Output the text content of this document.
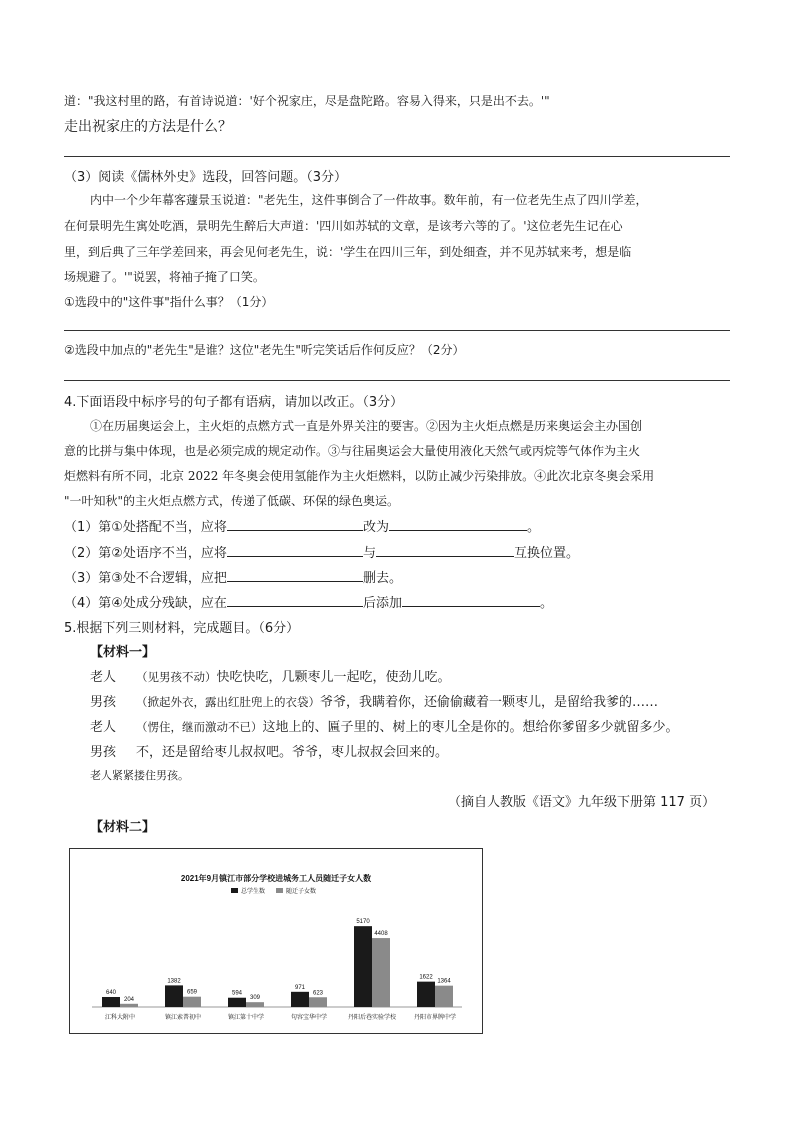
道："我这村里的路，有首诗说道：'好个祝家庄，尽是盘陀路。容易入得来，只是出不去。'"
走出祝家庄的方法是什么？
（3）阅读《儒林外史》选段，回答问题。（3分）
内中一个少年幕客蘧景玉说道："老先生，这件事倒合了一件故事。数年前，有一位老先生点了四川学差，
在何景明先生寓处吃酒，景明先生醉后大声道：'四川如苏轼的文章，是该考六等的了。'这位老先生记在心
里，到后典了三年学差回来，再会见何老先生，说：'学生在四川三年，到处细查，并不见苏轼来考，想是临
场规避了。'"说罢，将袖子掩了口笑。
①选段中的"这件事"指什么事？（1分）
②选段中加点的"老先生"是谁？这位"老先生"听完笑话后作何反应？（2分）
4.下面语段中标序号的句子都有语病，请加以改正。（3分）
①在历届奥运会上，主火炬的点燃方式一直是外界关注的要害。②因为主火炬点燃是历来奥运会主办国创
意的比拼与集中体现，也是必须完成的规定动作。③与往届奥运会大量使用液化天然气或丙烷等气体作为主火
炬燃料有所不同，北京 2022 年冬奥会使用氢能作为主火炬燃料，以防止减少污染排放。④此次北京冬奥会采用
"一叶知秋"的主火炬点燃方式，传递了低碳、环保的绿色奥运。
（1）第①处搭配不当，应将	改为	。
（2）第②处语序不当，应将	与	互换位置。
（3）第③处不合逻辑，应把	删去。
（4）第④处成分残缺，应在	后添加	。
5.根据下列三则材料，完成题目。（6分）
【材料一】
老人 （见男孩不动）快吃快吃，几颗枣儿一起吃，使劲儿吃。
男孩 （掀起外衣，露出红肚兜上的衣袋）爷爷，我瞒着你，还偷偷藏着一颗枣儿，是留给我爹的……
老人 （愣住，继而激动不已）这地上的、匾子里的、树上的枣儿全是你的。想给你爹留多少就留多少。
男孩 不，还是留给枣儿叔叔吧。爷爷，枣儿叔叔会回来的。
老人紧紧搂住男孩。
（摘自人教版《语文》九年级下册第 117 页）
【材料二】
2021年9月镇江市部分学校进城务工人员随迁子女人数
总学生数	随迁子女数
640
204
江科大附中
1382
659
镇江索普初中
594
309
镇江第十中学
971
623
句容宝华中学
5170
4408
丹阳后巷实验学校
1622
1364
丹阳市界牌中学
